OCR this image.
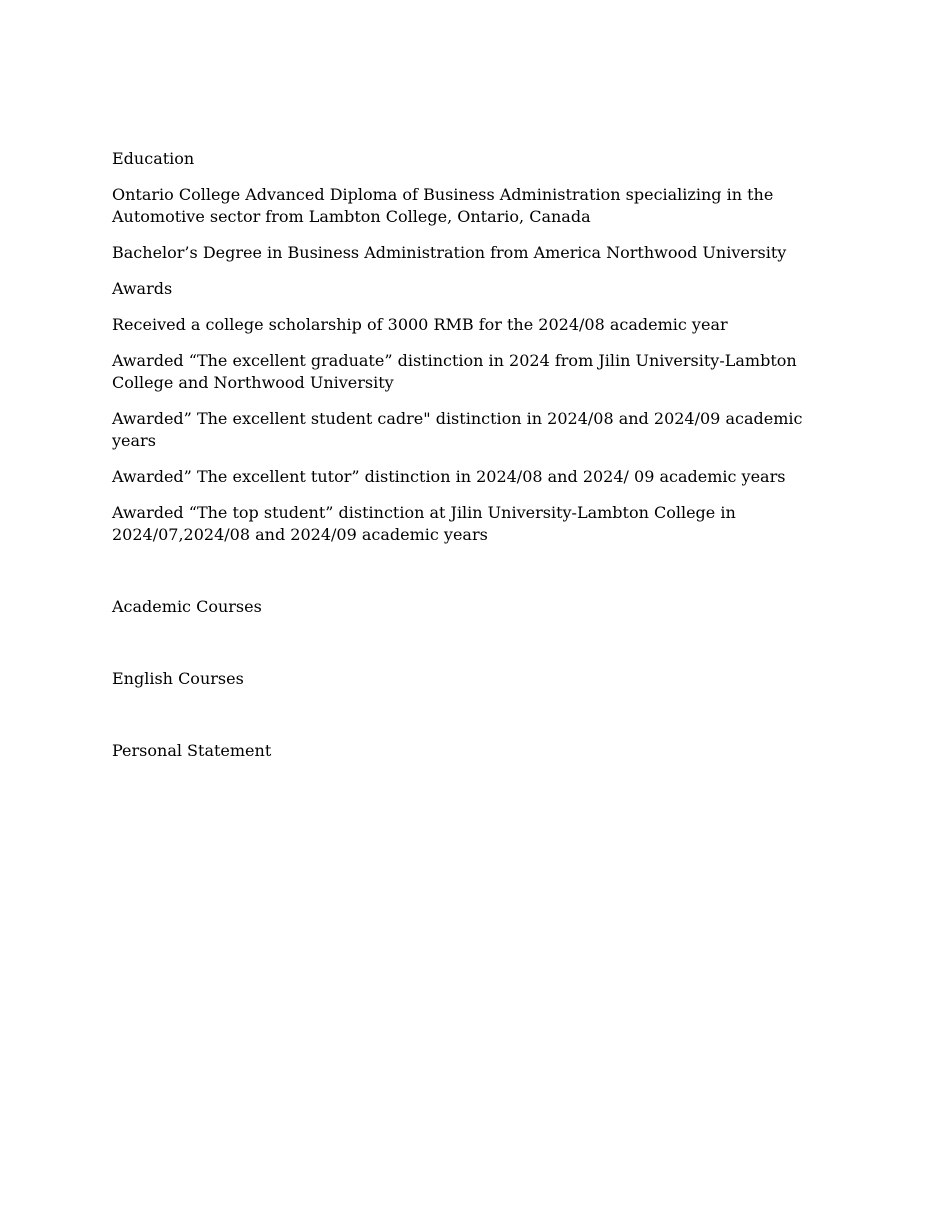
Education

Ontario College Advanced Diploma of Business Administration specializing in the Automotive sector from Lambton College, Ontario, Canada

Bachelor’s Degree in Business Administration from America Northwood University

Awards

Received a college scholarship of 3000 RMB for the 2024/08 academic year

Awarded “The excellent graduate” distinction in 2024 from Jilin University-Lambton College and Northwood University

Awarded” The excellent student cadre" distinction in 2024/08 and 2024/09 academic years

Awarded” The excellent tutor” distinction in 2024/08 and 2024/ 09 academic years

Awarded “The top student” distinction at Jilin University-Lambton College in 2024/07,2024/08 and 2024/09 academic years

Academic Courses

English Courses

Personal Statement
